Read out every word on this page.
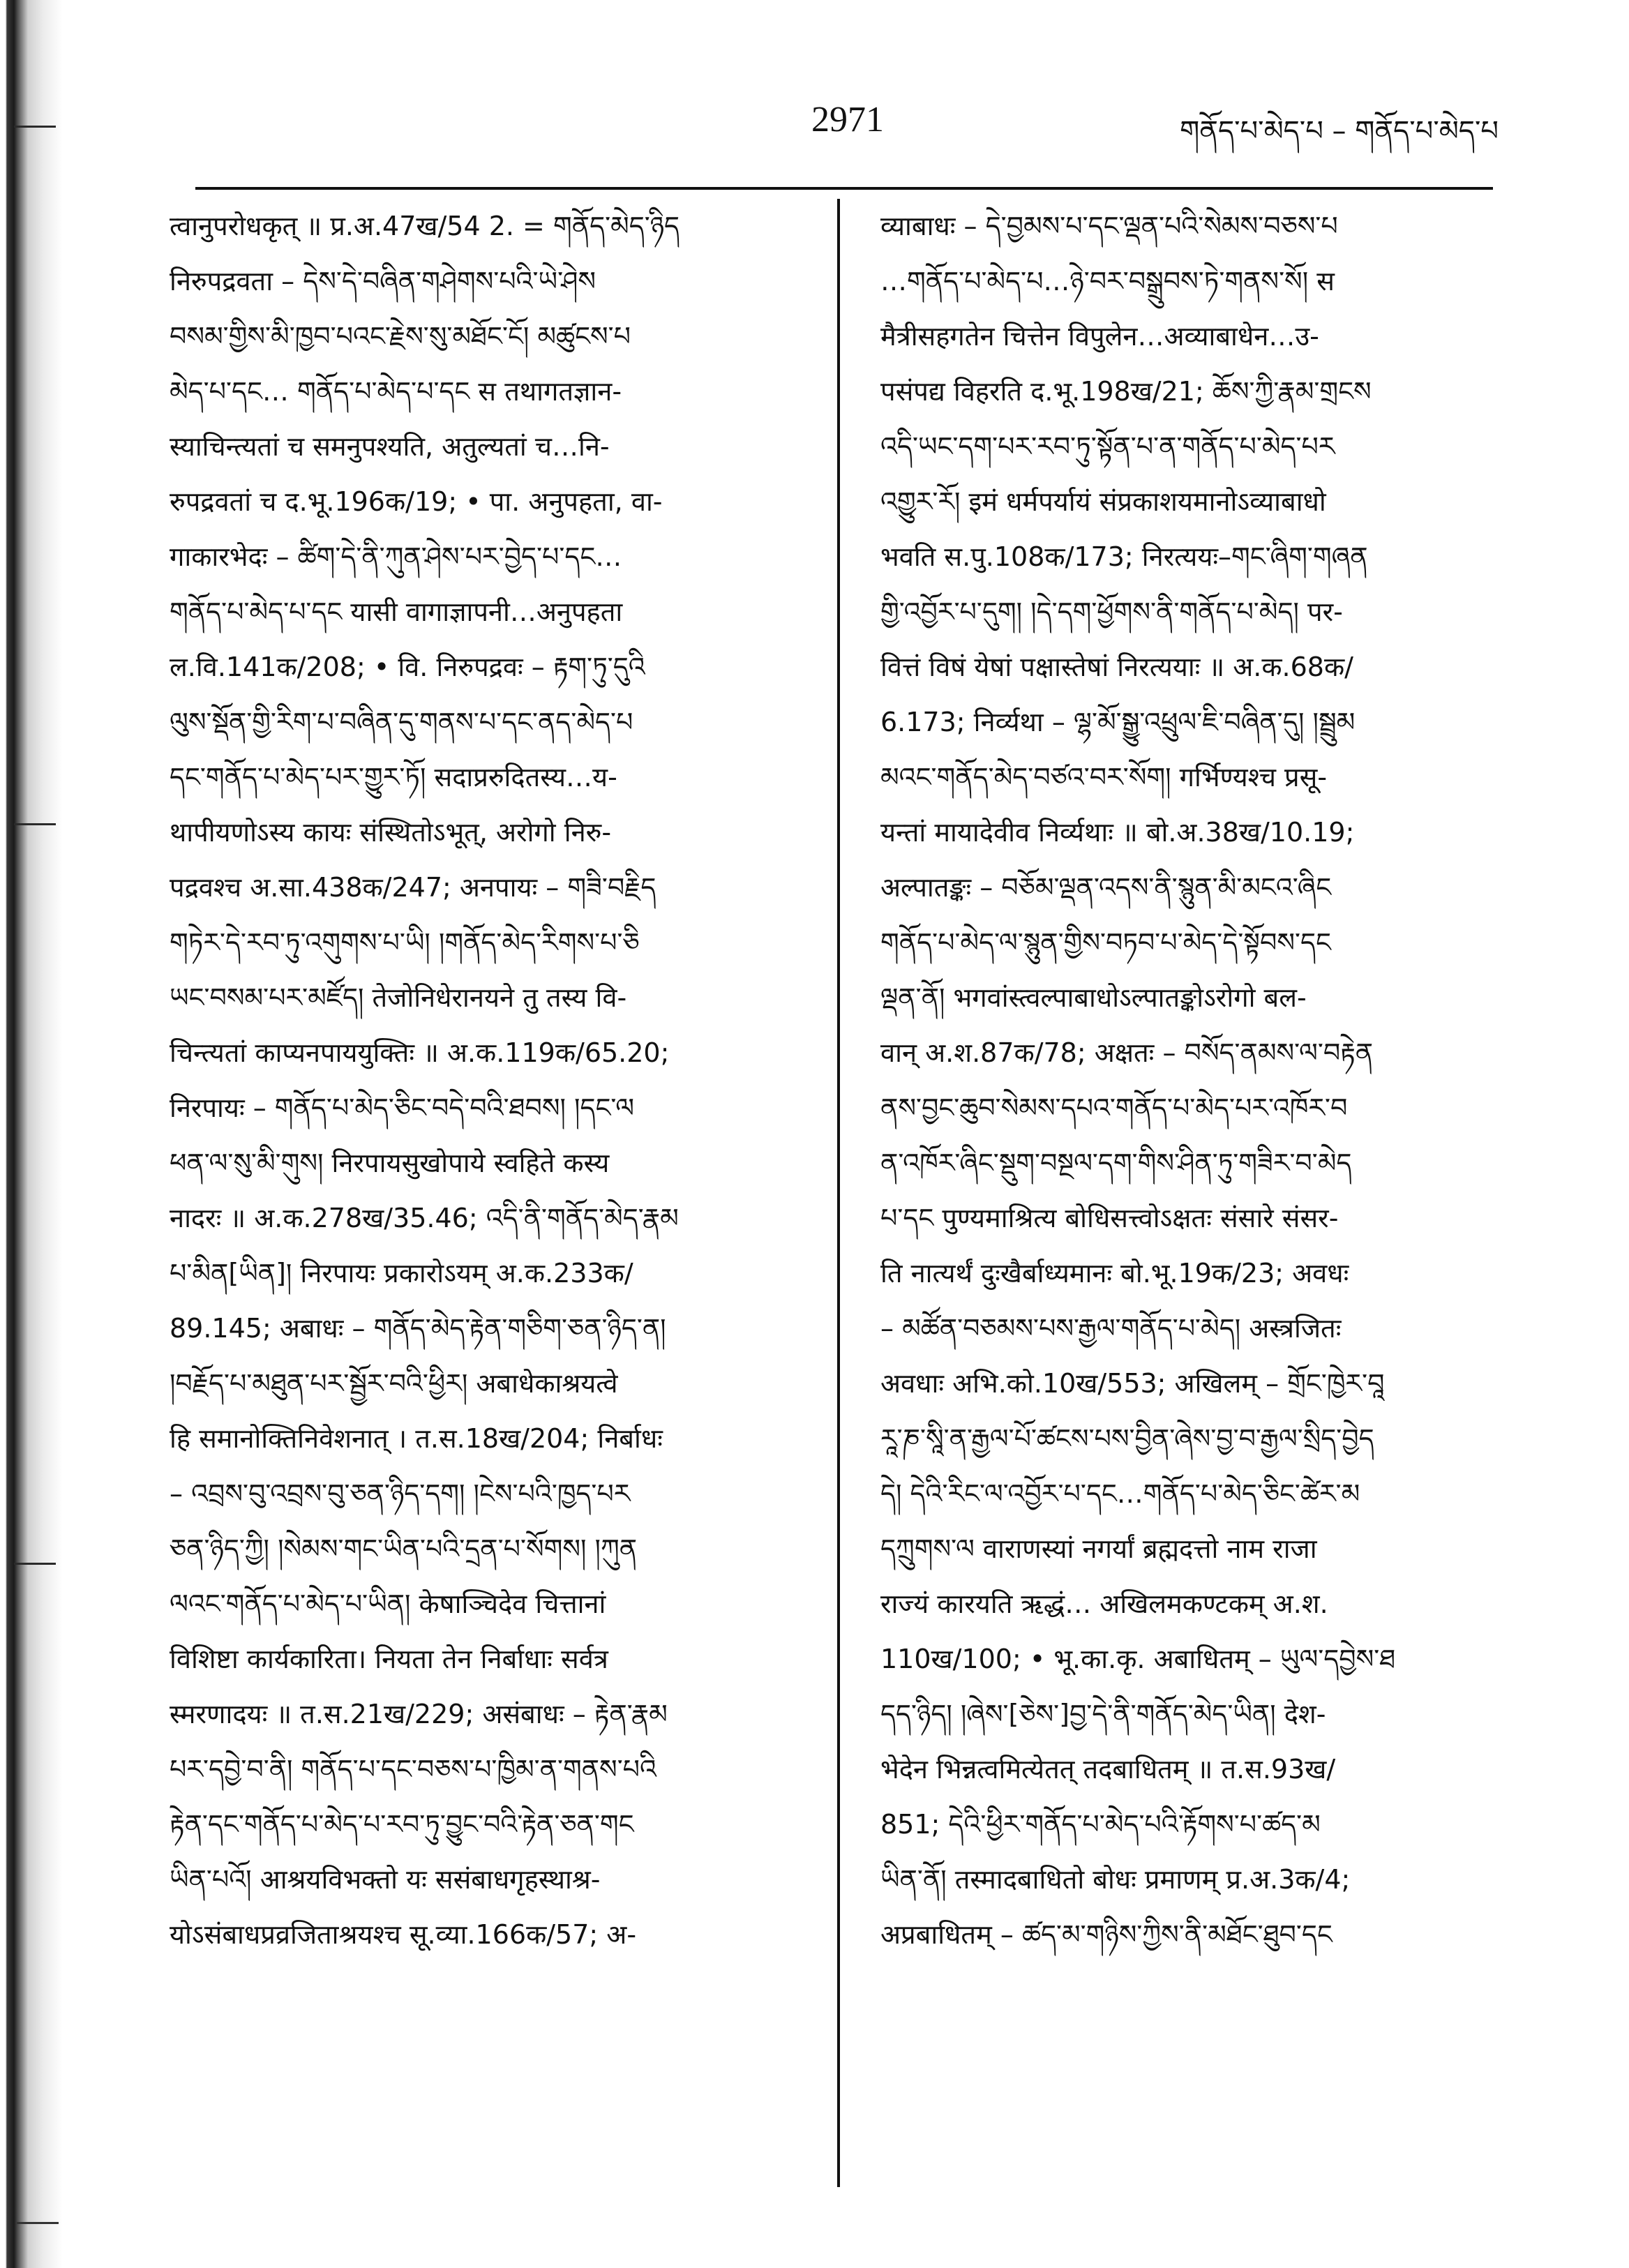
2971	གནོད་པ་མེད་པ – གནོད་པ་མེད་པ
त्वानुपरोधकृत् ॥ प्र.अ.47ख/54 2. = གནོད་མེད་ཉིད
निरुपद्रवता – དེས་དེ་བཞིན་གཤེགས་པའི་ཡེ་ཤེས
བསམ་གྱིས་མི་ཁྱབ་པའང་རྗེས་སུ་མཐོང་ངོ། མཚུངས་པ
མེད་པ་དང… གནོད་པ་མེད་པ་དང स तथागतज्ञान-
स्याचिन्त्यतां च समनुपश्यति, अतुल्यतां च…नि-
रुपद्रवतां च द.भू.196क/19; • पा. अनुपहता, वा-
गाकारभेदः – ཚིག་དེ་ནི་ཀུན་ཤེས་པར་བྱེད་པ་དང…
གནོད་པ་མེད་པ་དང यासी वागाज्ञापनी…अनुपहता
ल.वि.141क/208; • वि. निरुपद्रवः – རྟག་ཏུ་དུའི
ལུས་སྡོན་གྱི་རིག་པ་བཞིན་དུ་གནས་པ་དང་ནད་མེད་པ
དང་གནོད་པ་མེད་པར་གྱུར་ཏོ། सदाप्ररुदितस्य…य-
थापीयणोऽस्य कायः संस्थितोऽभूत्, अरोगो निरु-
पद्रवश्च अ.सा.438क/247; अनपायः – གཟི་བརྗིད
གཏེར་དེ་རབ་ཏུ་འགུགས་པ་ཡི། །གནོད་མེད་རིགས་པ་ཅི
ཡང་བསམ་པར་མཛོད། तेजोनिधेरानयने तु तस्य वि-
चिन्त्यतां काप्यनपाययुक्तिः ॥ अ.क.119क/65.20;
निरपायः – གནོད་པ་མེད་ཅིང་བདེ་བའི་ཐབས། །དང་ལ
ཕན་ལ་སུ་མི་གུས། निरपायसुखोपाये स्वहिते कस्य
नादरः ॥ अ.क.278ख/35.46; འདི་ནི་གནོད་མེད་རྣམ
པ་མིན[ཡིན]། निरपायः प्रकारोऽयम् अ.क.233क/
89.145; अबाधः – གནོད་མེད་རྟེན་གཅིག་ཅན་ཉིད་ན།
།བརྗོད་པ་མཐུན་པར་སྦྱོར་བའི་ཕྱིར། अबाधेकाश्रयत्वे
हि समानोक्तिनिवेशनात् । त.स.18ख/204; निर्बाधः
– འབྲས་བུ་འབྲས་བུ་ཅན་ཉིད་དག། །ངེས་པའི་ཁྱད་པར
ཅན་ཉིད་ཀྱི། །སེམས་གང་ཡིན་པའི་དྲན་པ་སོགས། །ཀུན
ལའང་གནོད་པ་མེད་པ་ཡིན། केषाञ्चिदेव चित्तानां
विशिष्टा कार्यकारिता। नियता तेन निर्बाधाः सर्वत्र
स्मरणादयः ॥ त.स.21ख/229; असंबाधः – རྟེན་རྣམ
པར་དབྱེ་བ་ནི། གནོད་པ་དང་བཅས་པ་ཁྱིམ་ན་གནས་པའི
རྟེན་དང་གནོད་པ་མེད་པ་རབ་ཏུ་བྱུང་བའི་རྟེན་ཅན་གང
ཡིན་པའོ། आश्रयविभक्तो यः ससंबाधगृहस्थाश्र-
योऽसंबाधप्रव्रजिताश्रयश्च सू.व्या.166क/57; अ-
व्याबाधः – དེ་བྱམས་པ་དང་ལྡན་པའི་སེམས་བཅས་པ
…གནོད་པ་མེད་པ…ཉེ་བར་བསྒྲུབས་ཏེ་གནས་སོ། स
मैत्रीसहगतेन चित्तेन विपुलेन…अव्याबाधेन…उ-
पसंपद्य विहरति द.भू.198ख/21; ཆོས་ཀྱི་རྣམ་གྲངས
འདི་ཡང་དག་པར་རབ་ཏུ་སྟོན་པ་ན་གནོད་པ་མེད་པར
འགྱུར་རོ། इमं धर्मपर्यायं संप्रकाशयमानोऽव्याबाधो
भवति स.पु.108क/173; निरत्ययः–གང་ཞིག་གཞན
གྱི་འབྱོར་པ་དུག། །དེ་དག་ཕྱོགས་ནི་གནོད་པ་མེད། पर-
वित्तं विषं येषां पक्षास्तेषां निरत्ययाः ॥ अ.क.68क/
6.173; निर्व्यथा – ལྷ་མོ་སྒྱུ་འཕྲུལ་ཇི་བཞིན་དུ། །སྦྲུམ
མའང་གནོད་མེད་བཙའ་བར་སོག། गर्भिण्यश्च प्रसू-
यन्तां मायादेवीव निर्व्यथाः ॥ बो.अ.38ख/10.19;
अल्पातङ्कः – བཅོམ་ལྡན་འདས་ནི་སྙུན་མི་མངའ་ཞིང
གནོད་པ་མེད་ལ་སྙུན་གྱིས་བཏབ་པ་མེད་དེ་སྟོབས་དང
ལྡན་ནོ། भगवांस्त्वल्पाबाधोऽल्पातङ्कोऽरोगो बल-
वान् अ.श.87क/78; अक्षतः – བསོད་ནམས་ལ་བརྟེན
ནས་བྱང་ཆུབ་སེམས་དཔའ་གནོད་པ་མེད་པར་འཁོར་བ
ན་འཁོར་ཞིང་སྡུག་བསྔལ་དག་གིས་ཤིན་ཏུ་གཟིར་བ་མེད
པ་དང पुण्यमाश्रित्य बोधिसत्त्वोऽक्षतः संसारे संसर-
ति नात्यर्थं दुःखैर्बाध्यमानः बो.भू.19क/23; अवधः
– མཚོན་བཅམས་པས་རྒྱལ་གནོད་པ་མེད། अस्त्रजितः
अवधाः अभि.को.10ख/553; अखिलम् – གྲོང་ཁྱེར་བཱ
རཱ་ཎ་སཱི་ན་རྒྱལ་པོ་ཚངས་པས་བྱིན་ཞེས་བྱ་བ་རྒྱལ་སྲིད་བྱེད
དེ། དེའི་རིང་ལ་འབྱོར་པ་དང…གནོད་པ་མེད་ཅིང་ཚེར་མ
དཀྲུགས་ལ वाराणस्यां नगर्यां ब्रह्मदत्तो नाम राजा
राज्यं कारयति ऋद्धं… अखिलमकण्टकम् अ.श.
110ख/100; • भू.का.कृ. अबाधितम् – ཡུལ་དབྱེས་ཐ
དད་ཉིད། །ཞེས་[ཅེས་]བྱ་དེ་ནི་གནོད་མེད་ཡིན། देश-
भेदेन भिन्नत्वमित्येतत् तदबाधितम् ॥ त.स.93ख/
851; དེའི་ཕྱིར་གནོད་པ་མེད་པའི་རྟོགས་པ་ཚད་མ
ཡིན་ནོ། तस्मादबाधितो बोधः प्रमाणम् प्र.अ.3क/4;
अप्रबाधितम् – ཚད་མ་གཉིས་ཀྱིས་ནི་མཐོང་ཐུབ་དང
